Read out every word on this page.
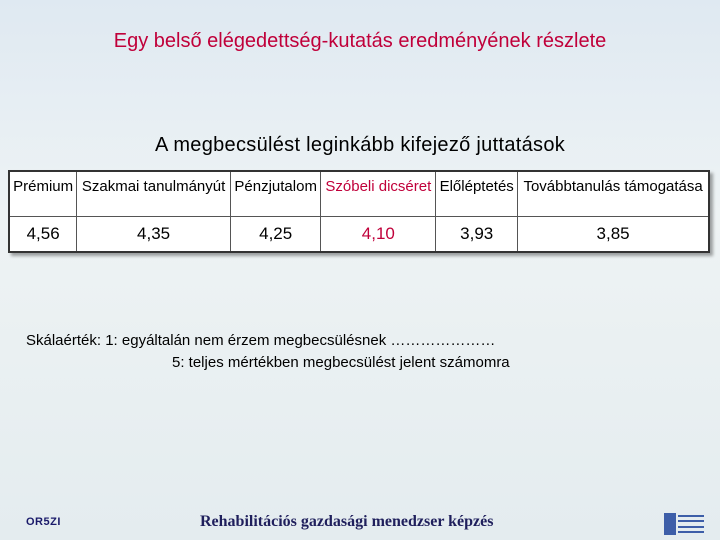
Egy belső elégedettség-kutatás eredményének részlete
A megbecsülést leginkább kifejező juttatások
Prémium	Szakmai tanulmányút	Pénzjutalom	Szóbeli dicséret	Előléptetés	Továbbtanulás támogatása
4,56	4,35	4,25	4,10	3,93	3,85
Skálaérték: 1: egyáltalán nem érzem megbecsülésnek …………………
5: teljes mértékben megbecsülést jelent számomra
OR5ZI	Rehabilitációs gazdasági menedzser képzés
